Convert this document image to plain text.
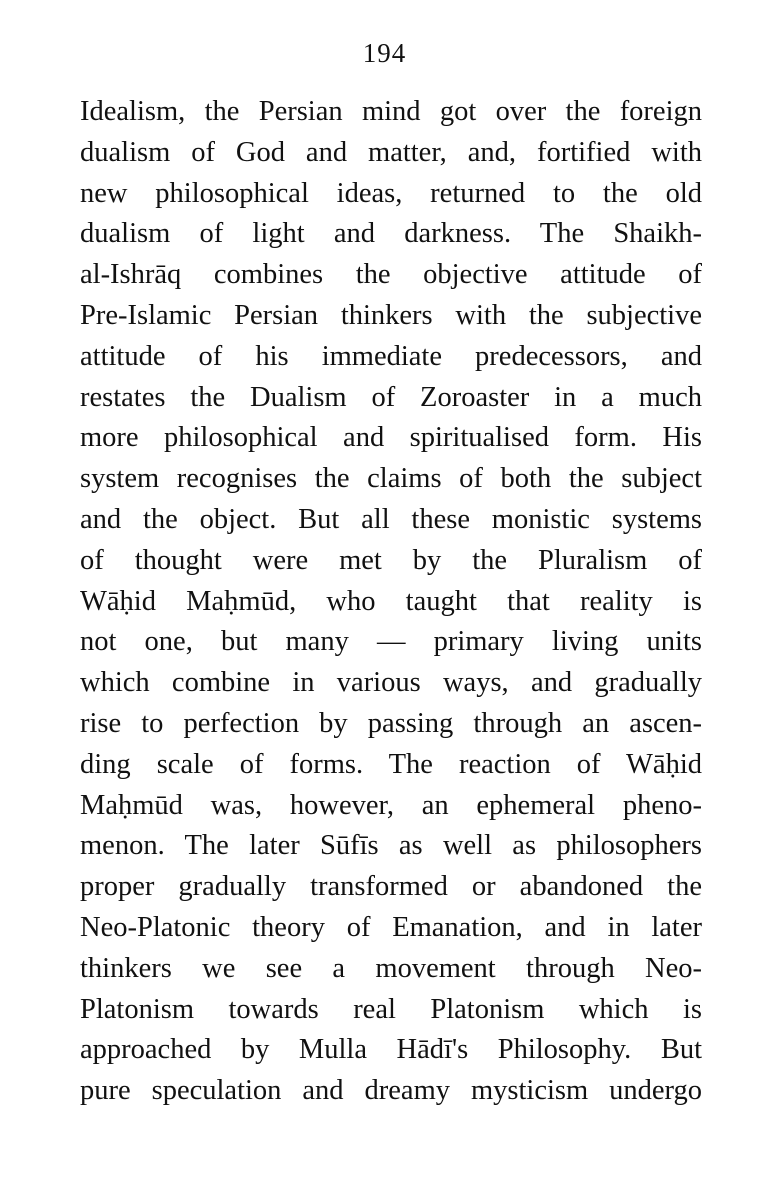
194
Idealism, the Persian mind got over the foreign
dualism of God and matter, and, fortified with
new philosophical ideas, returned to the old
dualism of light and darkness. The Shaikh-
al-Ishrāq combines the objective attitude of
Pre-Islamic Persian thinkers with the subjective
attitude of his immediate predecessors, and
restates the Dualism of Zoroaster in a much
more philosophical and spiritualised form. His
system recognises the claims of both the subject
and the object. But all these monistic systems
of thought were met by the Pluralism of
Wāḥid Maḥmūd, who taught that reality is
not one, but many — primary living units
which combine in various ways, and gradually
rise to perfection by passing through an ascen-
ding scale of forms. The reaction of Wāḥid
Maḥmūd was, however, an ephemeral pheno-
menon. The later Sūfīs as well as philosophers
proper gradually transformed or abandoned the
Neo-Platonic theory of Emanation, and in later
thinkers we see a movement through Neo-
Platonism towards real Platonism which is
approached by Mulla Hādī's Philosophy. But
pure speculation and dreamy mysticism undergo
